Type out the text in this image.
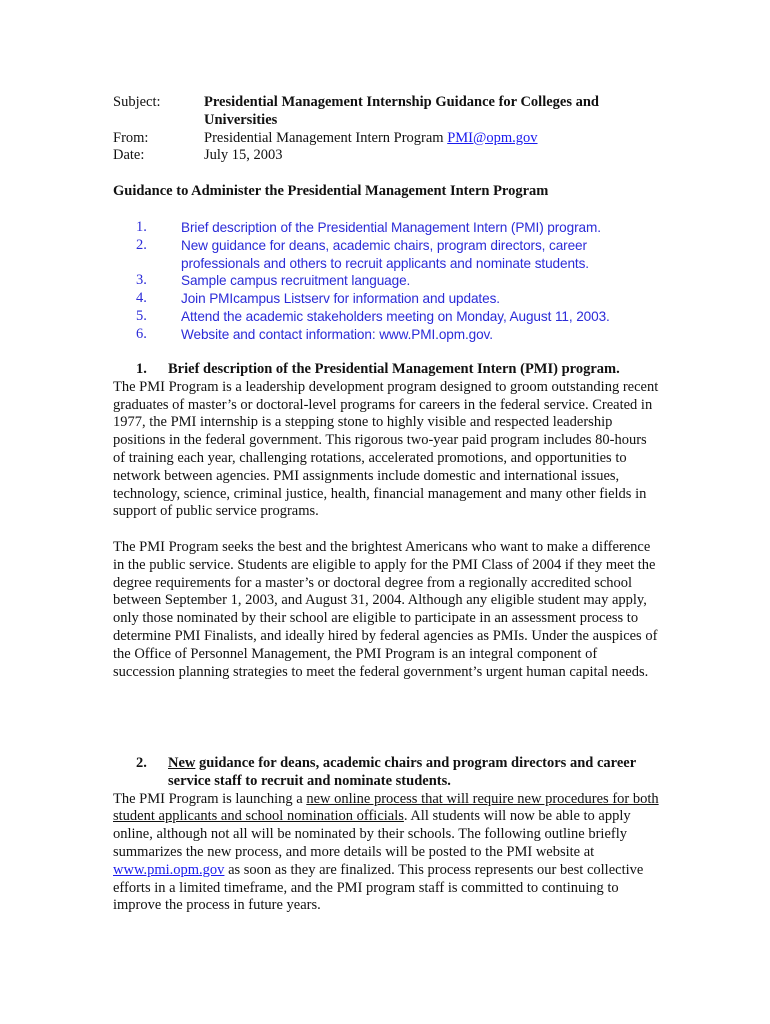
Subject:	Presidential Management Internship Guidance for Colleges and Universities
From:	Presidential Management Intern Program PMI@opm.gov
Date:	July 15, 2003
Guidance to Administer the Presidential Management Intern Program
1.	Brief description of the Presidential Management Intern (PMI) program.
2.	New guidance for deans, academic chairs, program directors, career professionals and others to recruit applicants and nominate students.
3.	Sample campus recruitment language.
4.	Join PMIcampus Listserv for information and updates.
5.	Attend the academic stakeholders meeting on Monday, August 11, 2003.
6.	Website and contact information: www.PMI.opm.gov.
1.	Brief description of the Presidential Management Intern (PMI) program.
The PMI Program is a leadership development program designed to groom outstanding recent graduates of master’s or doctoral-level programs for careers in the federal service. Created in 1977, the PMI internship is a stepping stone to highly visible and respected leadership positions in the federal government. This rigorous two-year paid program includes 80-hours of training each year, challenging rotations, accelerated promotions, and opportunities to network between agencies. PMI assignments include domestic and international issues, technology, science, criminal justice, health, financial management and many other fields in support of public service programs.
The PMI Program seeks the best and the brightest Americans who want to make a difference in the public service. Students are eligible to apply for the PMI Class of 2004 if they meet the degree requirements for a master’s or doctoral degree from a regionally accredited school between September 1, 2003, and August 31, 2004. Although any eligible student may apply, only those nominated by their school are eligible to participate in an assessment process to determine PMI Finalists, and ideally hired by federal agencies as PMIs. Under the auspices of the Office of Personnel Management, the PMI Program is an integral component of succession planning strategies to meet the federal government’s urgent human capital needs.
2.	New guidance for deans, academic chairs and program directors and career service staff to recruit and nominate students.
The PMI Program is launching a new online process that will require new procedures for both student applicants and school nomination officials. All students will now be able to apply online, although not all will be nominated by their schools. The following outline briefly summarizes the new process, and more details will be posted to the PMI website at www.pmi.opm.gov as soon as they are finalized. This process represents our best collective efforts in a limited timeframe, and the PMI program staff is committed to continuing to improve the process in future years.
